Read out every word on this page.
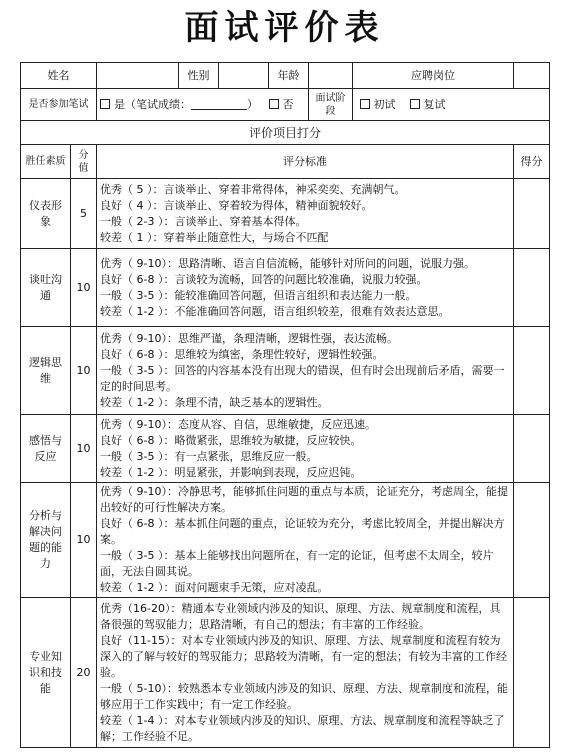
面试评价表
姓名			性别		年龄		应聘岗位	
是否参加笔试		是（笔试成绩： ） 否				面试阶段	初试 复试	
评价项目打分								
胜任素质	分值	评分标准						得分
仪表形象	5	优秀（ 5 ）：言谈举止、穿着非常得体，神采奕奕、充满朝气。
良好（ 4 ）：言谈举止、穿着较为得体，精神面貌较好。
一般（ 2-3 ）：言谈举止、穿着基本得体。
较差（ 1 ）：穿着举止随意性大，与场合不匹配						

谈吐沟通	10	优秀（ 9-10）：思路清晰、语言自信流畅，能够针对所问的问题，说服力强。
良好（ 6-8 ）：言谈较为流畅，回答的问题比较准确，说服力较强。
一般（ 3-5 ）：能较准确回答问题，但语言组织和表达能力一般。
较差（ 1-2 ）：不能准确回答问题，语言组织较差，很难有效表达意思。						

逻辑思维	10	优秀（ 9-10）：思维严谨，条理清晰，逻辑性强，表达流畅。
良好（ 6-8 ）：思维较为缜密，条理性较好，逻辑性较强。
一般（ 3-5 ）：回答的内容基本没有出现大的错误，但有时会出现前后矛盾，需要一定的时间思考。
较差（ 1-2 ）：条理不清，缺乏基本的逻辑性。						

感悟与反应	10	优秀（ 9-10）：态度从容、自信，思维敏捷，反应迅速。
良好（ 6-8 ）：略微紧张，思维较为敏捷，反应较快。
一般（ 3-5 ）：有一点紧张，思维反应一般。
较差（ 1-2 ）：明显紧张，并影响到表现，反应迟钝。						

分析与解决问题的能力	10	优秀（ 9-10）：冷静思考，能够抓住问题的重点与本质，论证充分，考虑周全，能提出较好的可行性解决方案。
良好（ 6-8 ）：基本抓住问题的重点，论证较为充分，考虑比较周全，并提出解决方案。
一般（ 3-5 ）：基本上能够找出问题所在，有一定的论证，但考虑不太周全，较片面，无法自圆其说。
较差（ 1-2 ）：面对问题束手无策，应对凌乱。						

专业知识和技能	20	优秀（16-20）：精通本专业领域内涉及的知识、原理、方法、规章制度和流程，具备很强的驾驭能力；思路清晰，有自己的想法；有丰富的工作经验。
良好（11-15）：对本专业领域内涉及的知识、原理、方法、规章制度和流程有较为深入的了解与较好的驾驭能力；思路较为清晰，有一定的想法；有较为丰富的工作经验。
一般（ 5-10）：较熟悉本专业领域内涉及的知识、原理、方法、规章制度和流程，能够应用于工作实践中；有一定工作经验。
较差（ 1-4 ）：对本专业领域内涉及的知识、原理、方法、规章制度和流程等缺乏了解；工作经验不足。						
